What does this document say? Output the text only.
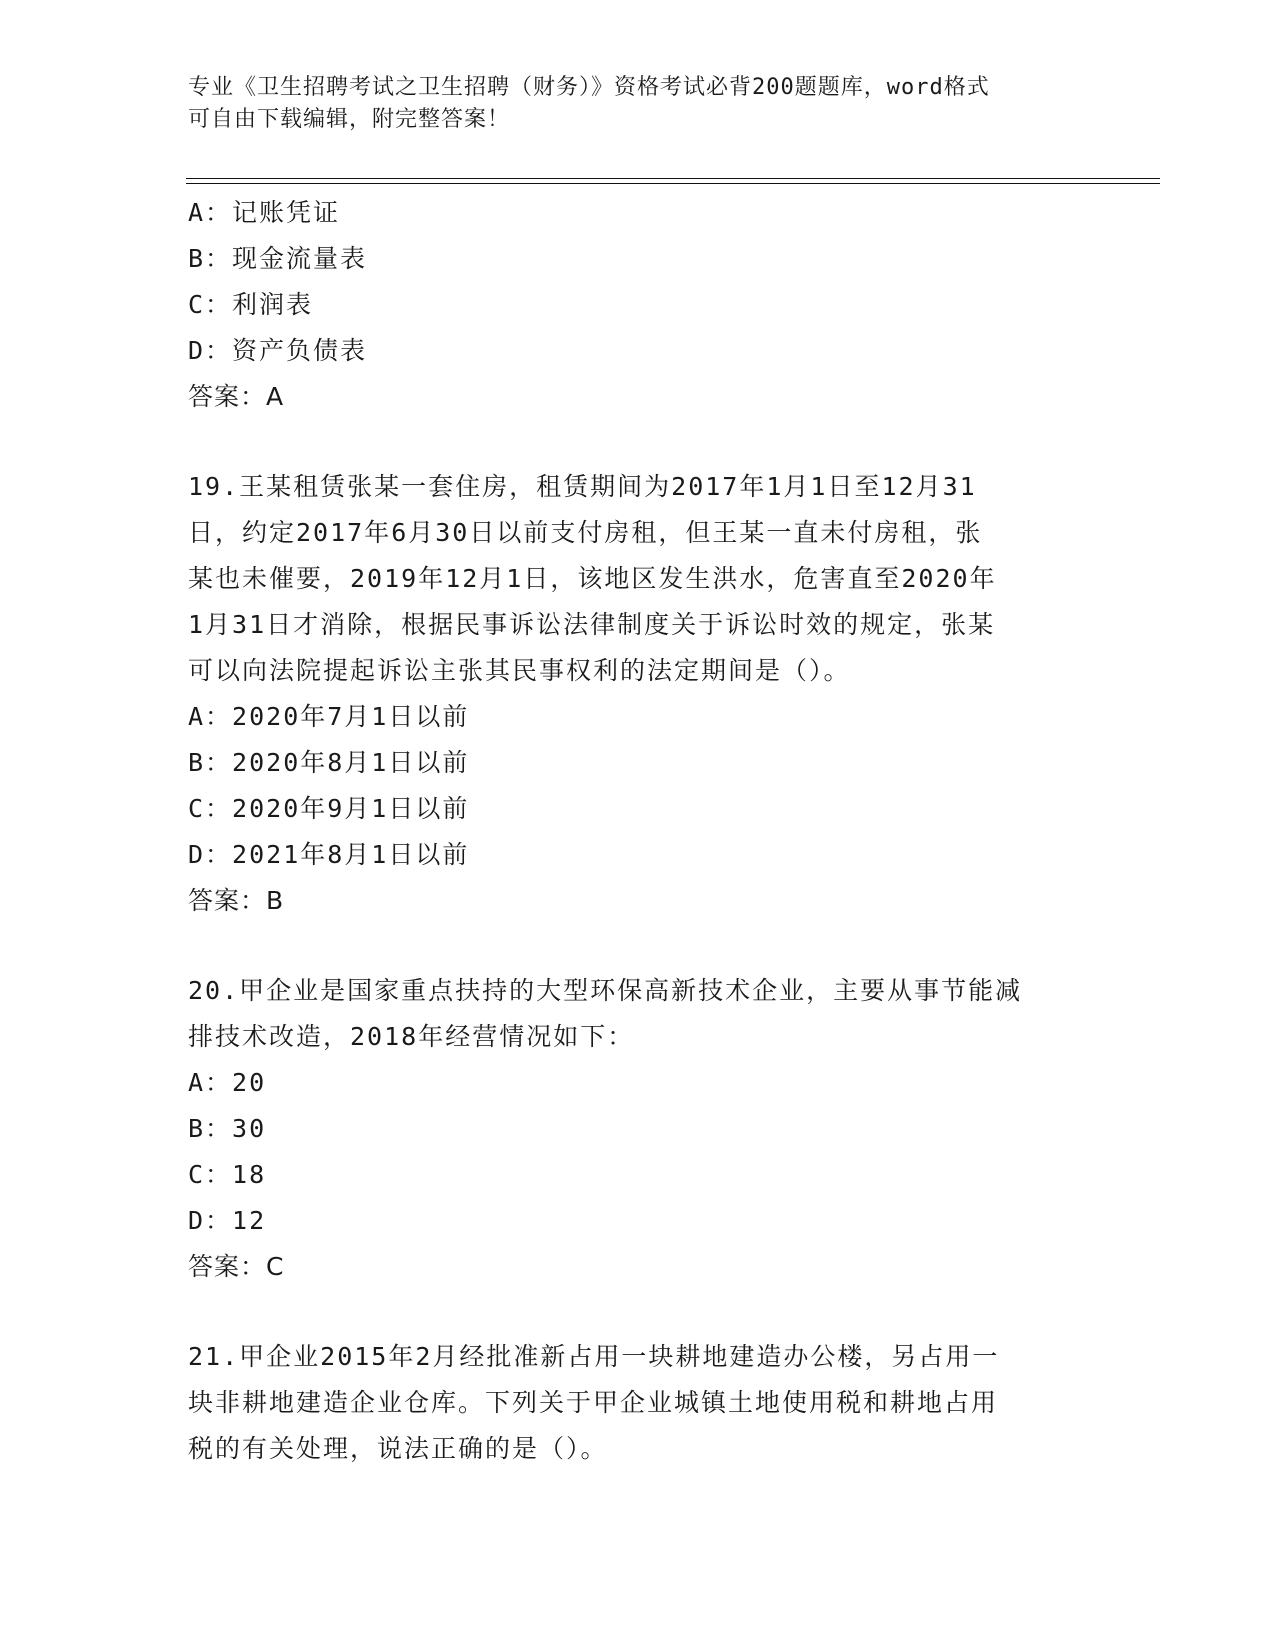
专业《卫生招聘考试之卫生招聘（财务）》资格考试必背200题题库，word格式
可自由下载编辑，附完整答案！
A：记账凭证
B：现金流量表
C：利润表
D：资产负债表
答案：A
19.王某租赁张某一套住房，租赁期间为2017年1月1日至12月31
日，约定2017年6月30日以前支付房租，但王某一直未付房租，张
某也未催要，2019年12月1日，该地区发生洪水，危害直至2020年
1月31日才消除，根据民事诉讼法律制度关于诉讼时效的规定，张某
可以向法院提起诉讼主张其民事权利的法定期间是（）。
A：2020年7月1日以前
B：2020年8月1日以前
C：2020年9月1日以前
D：2021年8月1日以前
答案：B
20.甲企业是国家重点扶持的大型环保高新技术企业，主要从事节能减
排技术改造，2018年经营情况如下：
A：20
B：30
C：18
D：12
答案：C
21.甲企业2015年2月经批准新占用一块耕地建造办公楼，另占用一
块非耕地建造企业仓库。下列关于甲企业城镇土地使用税和耕地占用
税的有关处理，说法正确的是（）。
